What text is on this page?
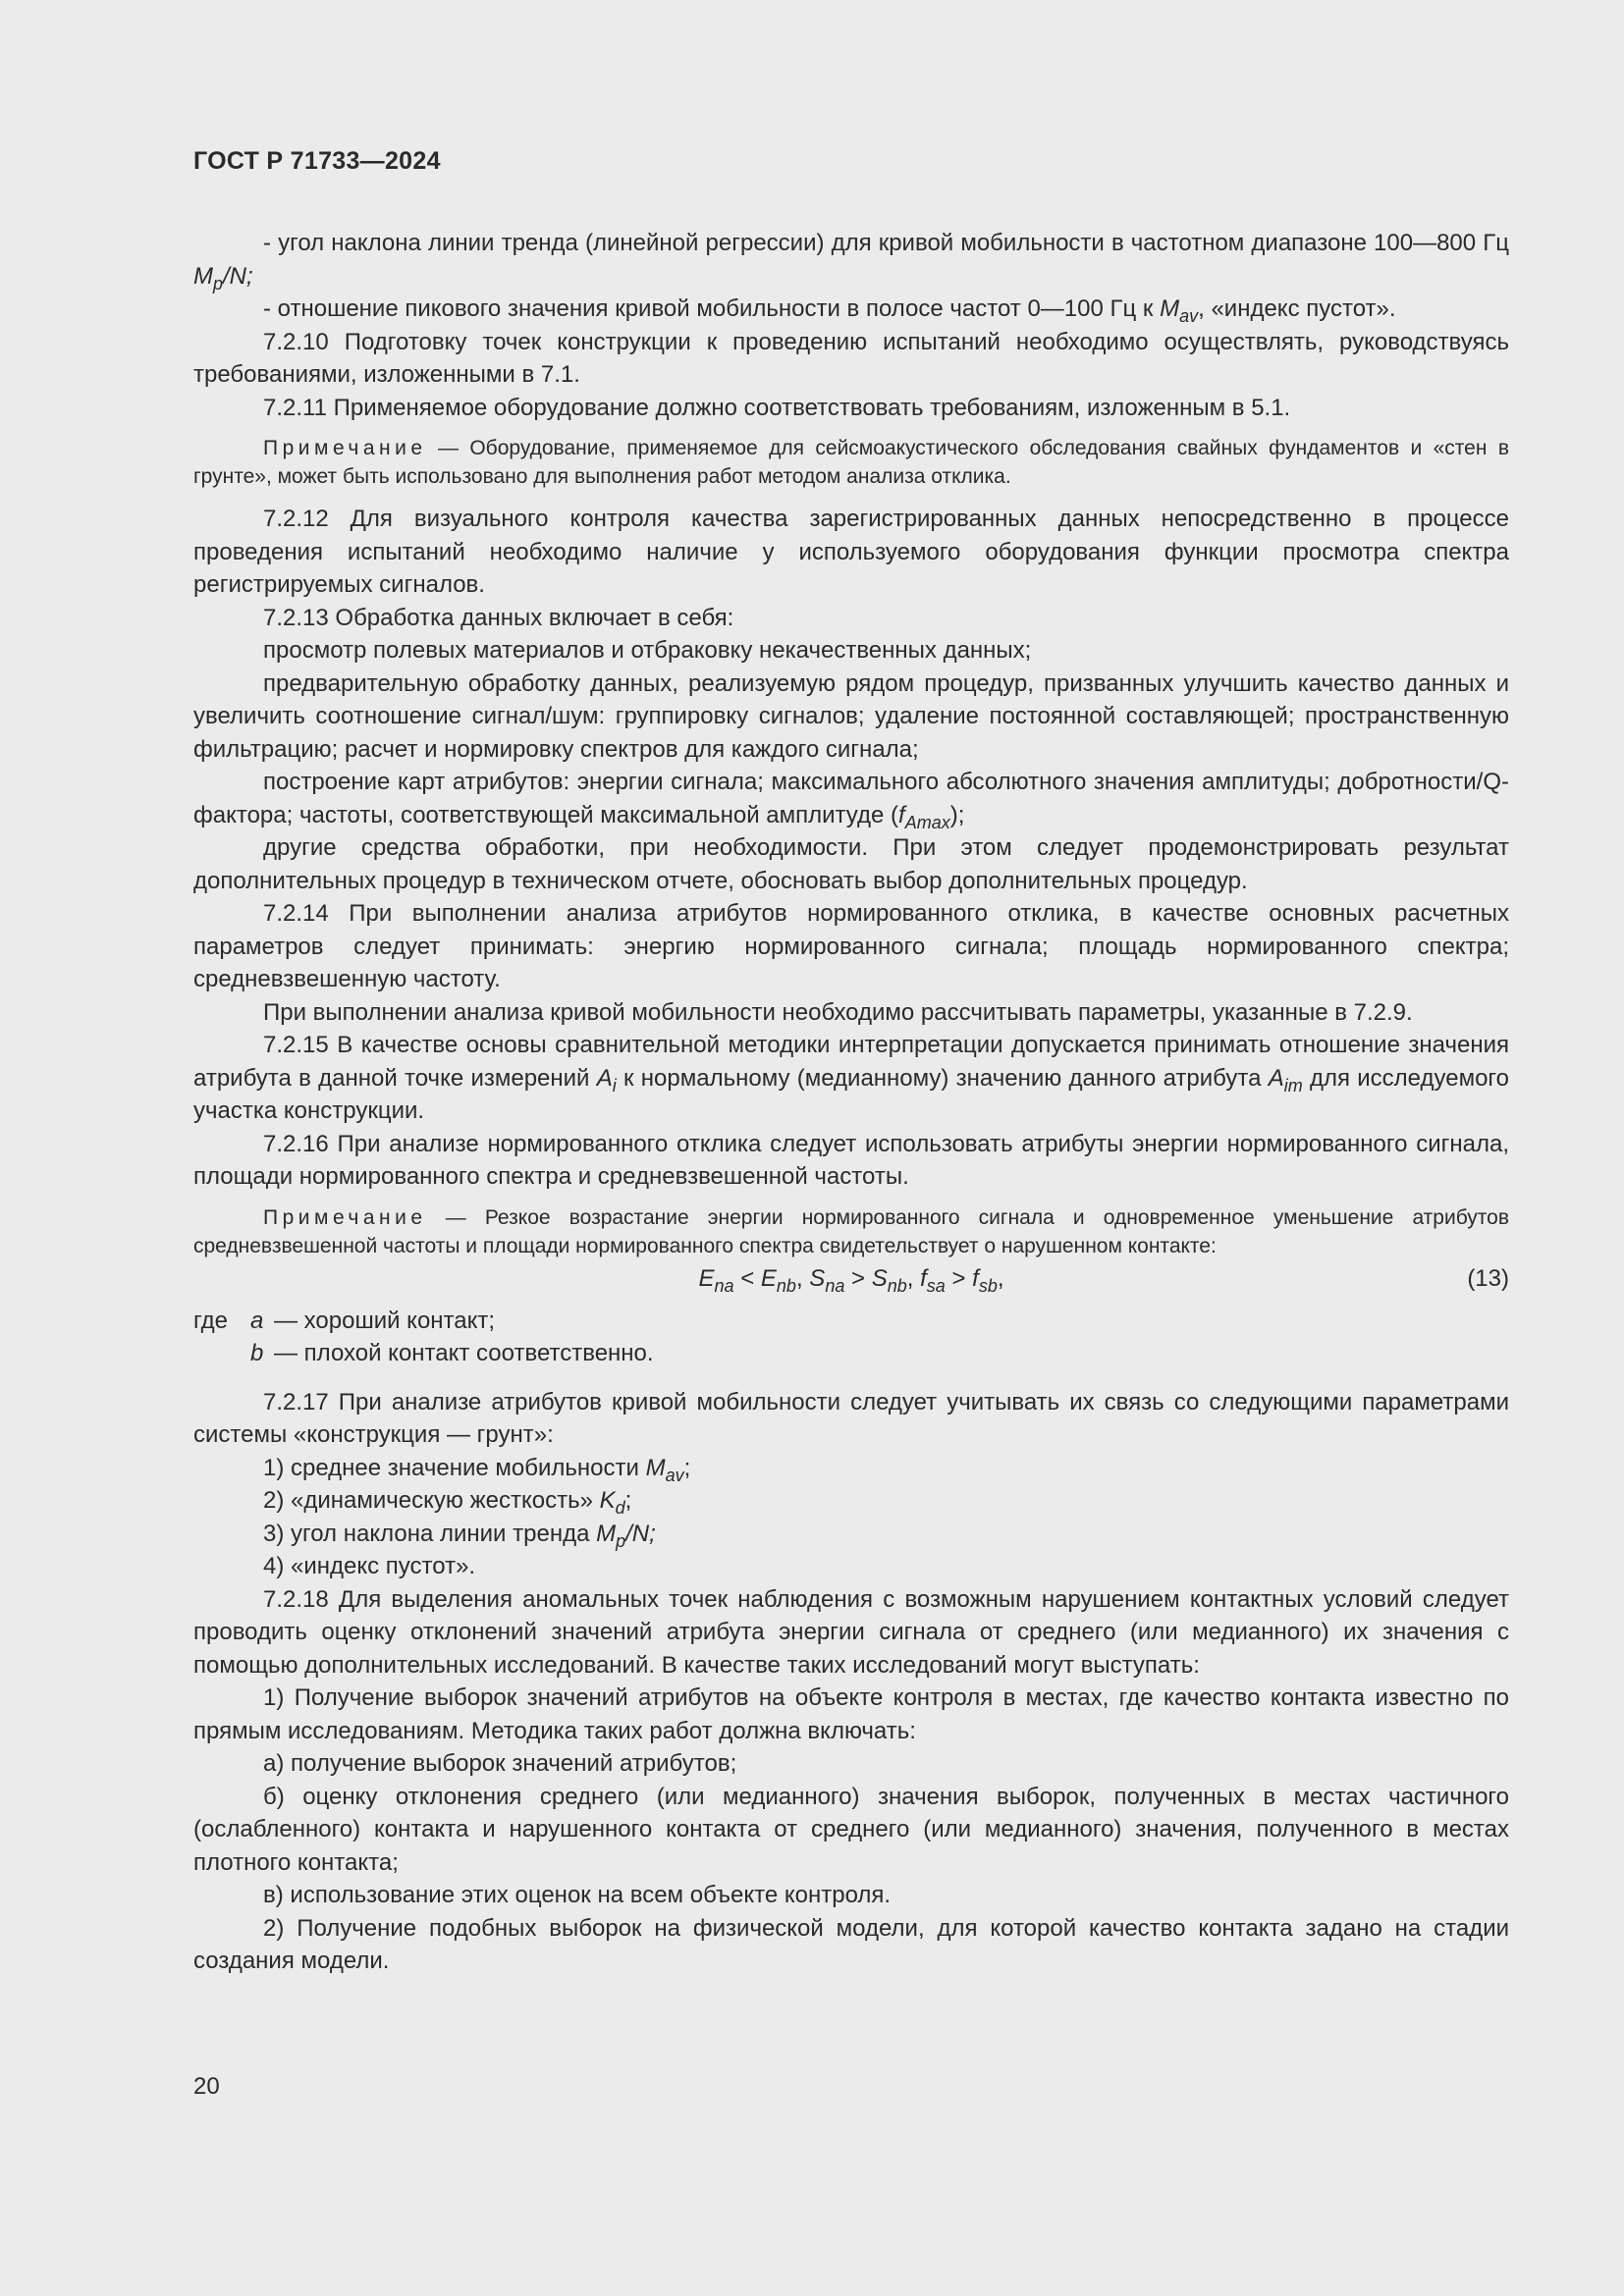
ГОСТ Р 71733—2024

- угол наклона линии тренда (линейной регрессии) для кривой мобильности в частотном диапазоне 100—800 Гц $M_p/N$;

- отношение пикового значения кривой мобильности в полосе частот 0—100 Гц к $M_{av}$, «индекс пустот».

7.2.10 Подготовку точек конструкции к проведению испытаний необходимо осуществлять, руководствуясь требованиями, изложенными в 7.1.

7.2.11 Применяемое оборудование должно соответствовать требованиям, изложенным в 5.1.

Примечание — Оборудование, применяемое для сейсмоакустического обследования свайных фундаментов и «стен в грунте», может быть использовано для выполнения работ методом анализа отклика.

7.2.12 Для визуального контроля качества зарегистрированных данных непосредственно в процессе проведения испытаний необходимо наличие у используемого оборудования функции просмотра спектра регистрируемых сигналов.

7.2.13 Обработка данных включает в себя:

просмотр полевых материалов и отбраковку некачественных данных;

предварительную обработку данных, реализуемую рядом процедур, призванных улучшить качество данных и увеличить соотношение сигнал/шум: группировку сигналов; удаление постоянной составляющей; пространственную фильтрацию; расчет и нормировку спектров для каждого сигнала;

построение карт атрибутов: энергии сигнала; максимального абсолютного значения амплитуды; добротности/Q-фактора; частоты, соответствующей максимальной амплитуде $(f_{Amax})$;

другие средства обработки, при необходимости. При этом следует продемонстрировать результат дополнительных процедур в техническом отчете, обосновать выбор дополнительных процедур.

7.2.14 При выполнении анализа атрибутов нормированного отклика, в качестве основных расчетных параметров следует принимать: энергию нормированного сигнала; площадь нормированного спектра; средневзвешенную частоту.

При выполнении анализа кривой мобильности необходимо рассчитывать параметры, указанные в 7.2.9.

7.2.15 В качестве основы сравнительной методики интерпретации допускается принимать отношение значения атрибута в данной точке измерений $A_i$ к нормальному (медианному) значению данного атрибута $A_{im}$ для исследуемого участка конструкции.

7.2.16 При анализе нормированного отклика следует использовать атрибуты энергии нормированного сигнала, площади нормированного спектра и средневзвешенной частоты.

Примечание — Резкое возрастание энергии нормированного сигнала и одновременное уменьшение атрибутов средневзвешенной частоты и площади нормированного спектра свидетельствует о нарушенном контакте:

$E_{na} < E_{nb}$, $S_{na} > S_{nb}$, $f_{sa} > f_{sb}$,	(13)
где a — хороший контакт;
b — плохой контакт соответственно.

7.2.17 При анализе атрибутов кривой мобильности следует учитывать их связь со следующими параметрами системы «конструкция — грунт»:

1) среднее значение мобильности $M_{av}$;

2) «динамическую жесткость» $K_d$;

3) угол наклона линии тренда $M_p/N$;

4) «индекс пустот».

7.2.18 Для выделения аномальных точек наблюдения с возможным нарушением контактных условий следует проводить оценку отклонений значений атрибута энергии сигнала от среднего (или медианного) их значения с помощью дополнительных исследований. В качестве таких исследований могут выступать:

1) Получение выборок значений атрибутов на объекте контроля в местах, где качество контакта известно по прямым исследованиям. Методика таких работ должна включать:

а) получение выборок значений атрибутов;

б) оценку отклонения среднего (или медианного) значения выборок, полученных в местах частичного (ослабленного) контакта и нарушенного контакта от среднего (или медианного) значения, полученного в местах плотного контакта;

в) использование этих оценок на всем объекте контроля.

2) Получение подобных выборок на физической модели, для которой качество контакта задано на стадии создания модели.

20
